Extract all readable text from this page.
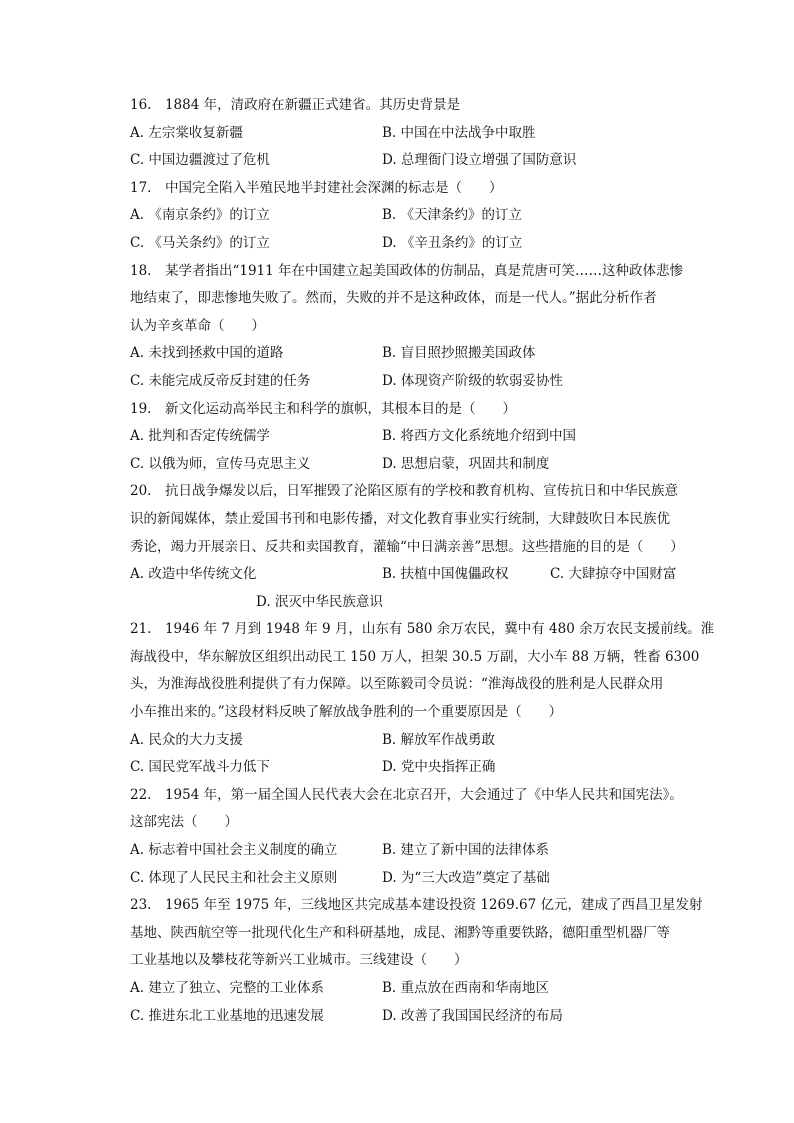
16.　1884 年，清政府在新疆正式建省。其历史背景是
A. 左宗棠收复新疆	B. 中国在中法战争中取胜
C. 中国边疆渡过了危机	D. 总理衙门设立增强了国防意识
17.　中国完全陷入半殖民地半封建社会深渊的标志是（　　）
A. 《南京条约》的订立	B. 《天津条约》的订立
C. 《马关条约》的订立	D. 《辛丑条约》的订立
18.　某学者指出“1911 年在中国建立起美国政体的仿制品，真是荒唐可笑……这种政体悲惨
地结束了，即悲惨地失败了。然而，失败的并不是这种政体，而是一代人。”据此分析作者
认为辛亥革命（　　）
A. 未找到拯救中国的道路	B. 盲目照抄照搬美国政体
C. 未能完成反帝反封建的任务	D. 体现资产阶级的软弱妥协性
19.　新文化运动高举民主和科学的旗帜，其根本目的是（　　）
A. 批判和否定传统儒学	B. 将西方文化系统地介绍到中国
C. 以俄为师，宣传马克思主义	D. 思想启蒙，巩固共和制度
20.　抗日战争爆发以后，日军摧毁了沦陷区原有的学校和教育机构、宣传抗日和中华民族意
识的新闻媒体，禁止爱国书刊和电影传播，对文化教育事业实行统制，大肆鼓吹日本民族优
秀论，竭力开展亲日、反共和卖国教育，灌输“中日满亲善”思想。这些措施的目的是（　　）
A. 改造中华传统文化	B. 扶植中国傀儡政权	C. 大肆掠夺中国财富
D. 泯灭中华民族意识
21.　1946 年 7 月到 1948 年 9 月，山东有 580 余万农民，冀中有 480 余万农民支援前线。淮
海战役中，华东解放区组织出动民工 150 万人，担架 30.5 万副，大小车 88 万辆，牲畜 6300
头，为淮海战役胜利提供了有力保障。以至陈毅司令员说：“淮海战役的胜利是人民群众用
小车推出来的。”这段材料反映了解放战争胜利的一个重要原因是（　　）
A. 民众的大力支援	B. 解放军作战勇敢
C. 国民党军战斗力低下	D. 党中央指挥正确
22.　1954 年，第一届全国人民代表大会在北京召开，大会通过了《中华人民共和国宪法》。
这部宪法（　　）
A. 标志着中国社会主义制度的确立	B. 建立了新中国的法律体系
C. 体现了人民民主和社会主义原则	D. 为“三大改造”奠定了基础
23.　1965 年至 1975 年，三线地区共完成基本建设投资 1269.67 亿元，建成了西昌卫星发射
基地、陕西航空等一批现代化生产和科研基地，成昆、湘黔等重要铁路，德阳重型机器厂等
工业基地以及攀枝花等新兴工业城市。三线建设（　　）
A. 建立了独立、完整的工业体系	B. 重点放在西南和华南地区
C. 推进东北工业基地的迅速发展	D. 改善了我国国民经济的布局
